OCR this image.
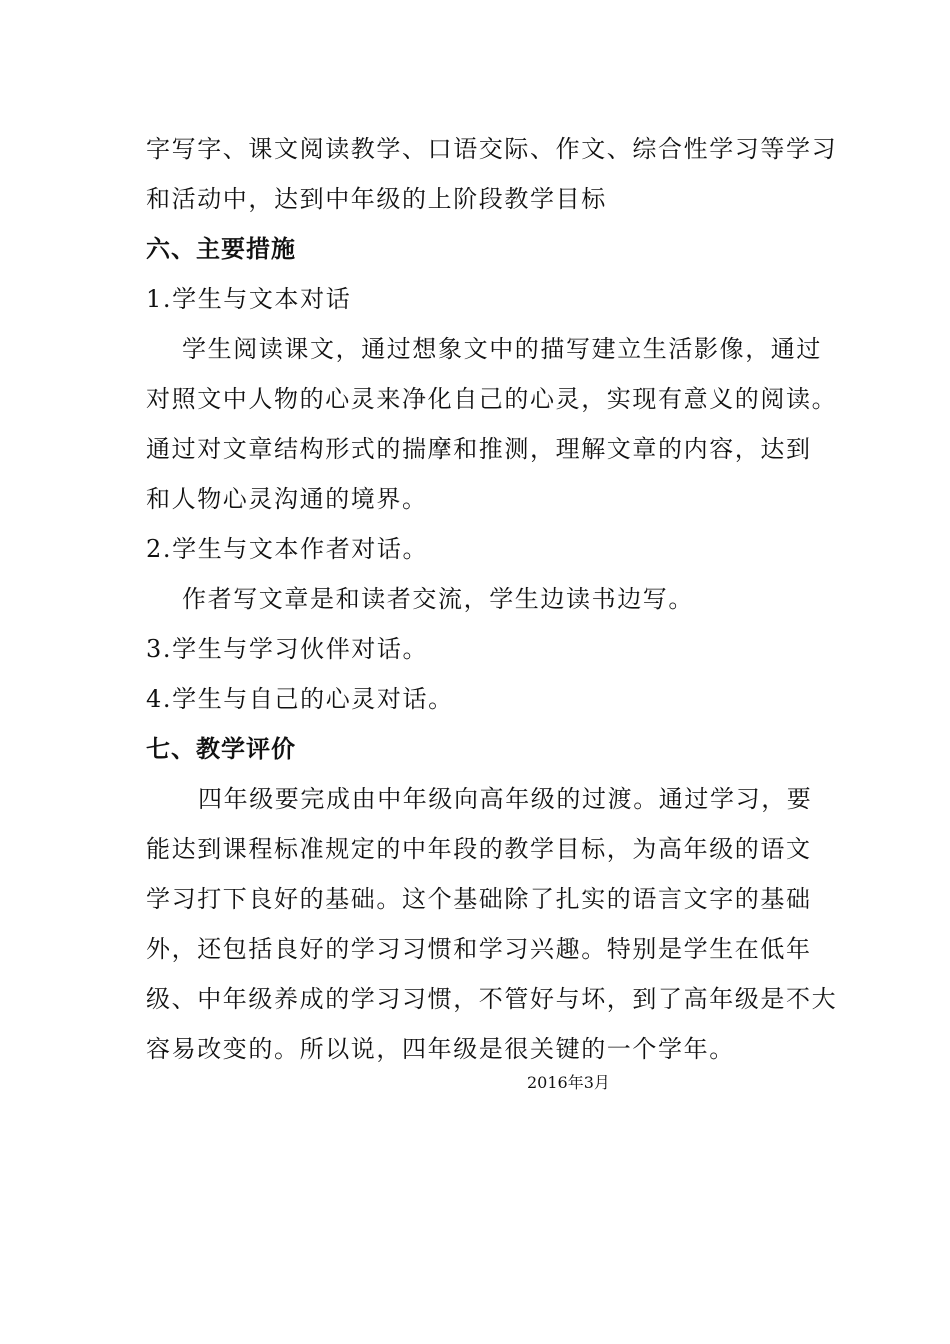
字写字、课文阅读教学、口语交际、作文、综合性学习等学习
和活动中，达到中年级的上阶段教学目标
六、主要措施
1.学生与文本对话
学生阅读课文，通过想象文中的描写建立生活影像，通过
对照文中人物的心灵来净化自己的心灵，实现有意义的阅读。
通过对文章结构形式的揣摩和推测，理解文章的内容，达到
和人物心灵沟通的境界。
2.学生与文本作者对话。
作者写文章是和读者交流，学生边读书边写。
3.学生与学习伙伴对话。
4.学生与自己的心灵对话。
七、教学评价
四年级要完成由中年级向高年级的过渡。通过学习，要
能达到课程标准规定的中年段的教学目标，为高年级的语文
学习打下良好的基础。这个基础除了扎实的语言文字的基础
外，还包括良好的学习习惯和学习兴趣。特别是学生在低年
级、中年级养成的学习习惯，不管好与坏，到了高年级是不大
容易改变的。所以说，四年级是很关键的一个学年。
2016年3月
